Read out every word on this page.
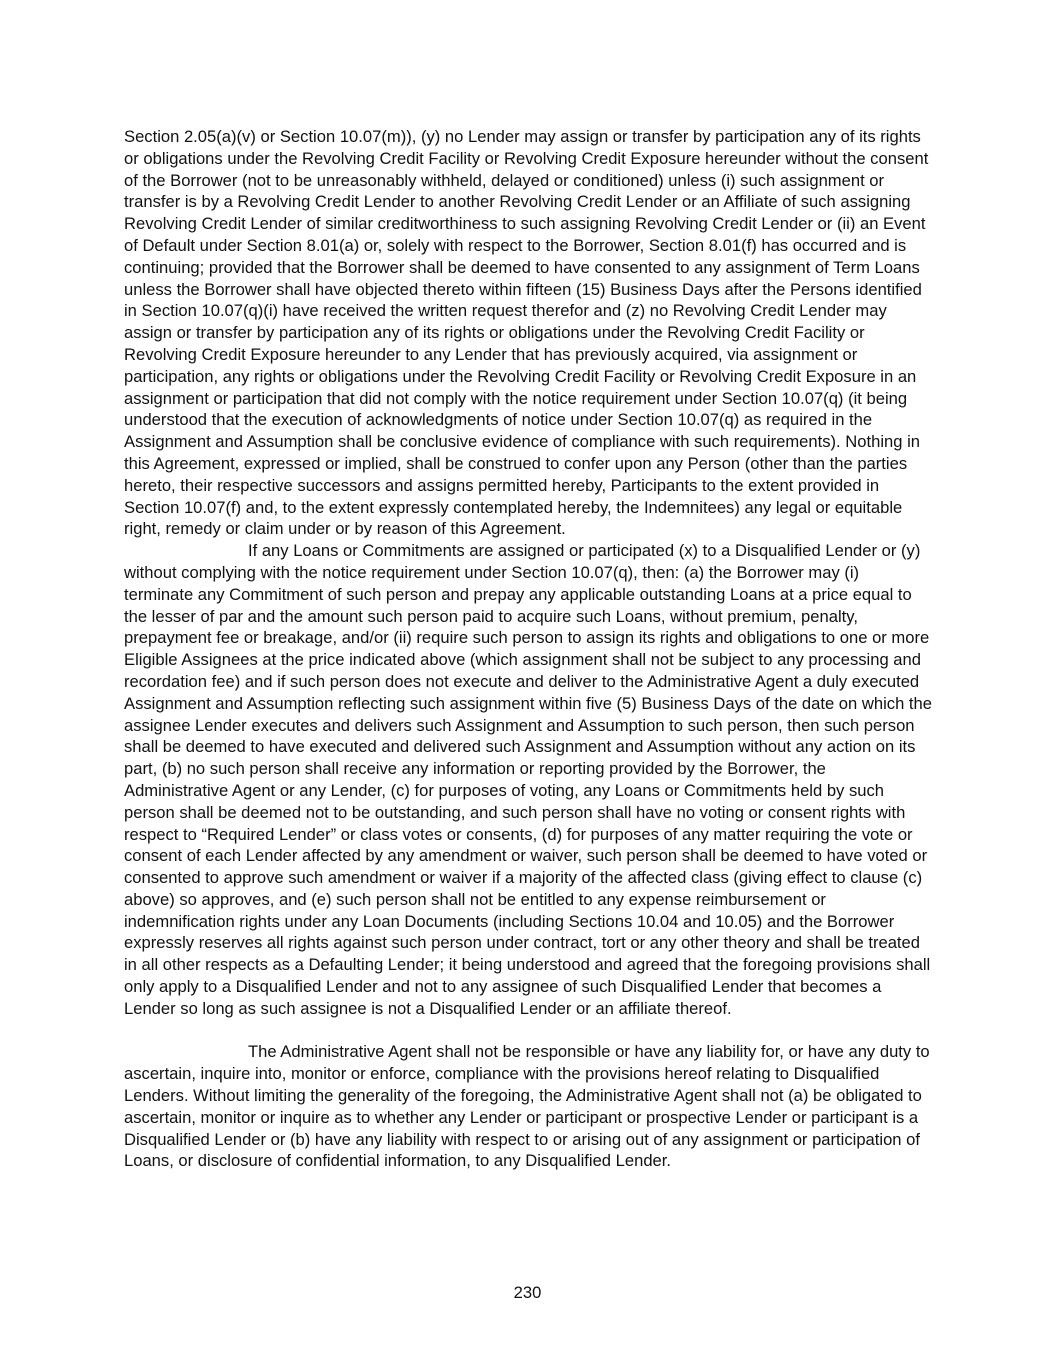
Section 2.05(a)(v) or Section 10.07(m)), (y) no Lender may assign or transfer by participation any of its rights or obligations under the Revolving Credit Facility or Revolving Credit Exposure hereunder without the consent of the Borrower (not to be unreasonably withheld, delayed or conditioned) unless (i) such assignment or transfer is by a Revolving Credit Lender to another Revolving Credit Lender or an Affiliate of such assigning Revolving Credit Lender of similar creditworthiness to such assigning Revolving Credit Lender or (ii) an Event of Default under Section 8.01(a) or, solely with respect to the Borrower, Section 8.01(f) has occurred and is continuing; provided that the Borrower shall be deemed to have consented to any assignment of Term Loans unless the Borrower shall have objected thereto within fifteen (15) Business Days after the Persons identified in Section 10.07(q)(i) have received the written request therefor and (z) no Revolving Credit Lender may assign or transfer by participation any of its rights or obligations under the Revolving Credit Facility or Revolving Credit Exposure hereunder to any Lender that has previously acquired, via assignment or participation, any rights or obligations under the Revolving Credit Facility or Revolving Credit Exposure in an assignment or participation that did not comply with the notice requirement under Section 10.07(q) (it being understood that the execution of acknowledgments of notice under Section 10.07(q) as required in the Assignment and Assumption shall be conclusive evidence of compliance with such requirements). Nothing in this Agreement, expressed or implied, shall be construed to confer upon any Person (other than the parties hereto, their respective successors and assigns permitted hereby, Participants to the extent provided in Section 10.07(f) and, to the extent expressly contemplated hereby, the Indemnitees) any legal or equitable right, remedy or claim under or by reason of this Agreement.

If any Loans or Commitments are assigned or participated (x) to a Disqualified Lender or (y) without complying with the notice requirement under Section 10.07(q), then: (a) the Borrower may (i) terminate any Commitment of such person and prepay any applicable outstanding Loans at a price equal to the lesser of par and the amount such person paid to acquire such Loans, without premium, penalty, prepayment fee or breakage, and/or (ii) require such person to assign its rights and obligations to one or more Eligible Assignees at the price indicated above (which assignment shall not be subject to any processing and recordation fee) and if such person does not execute and deliver to the Administrative Agent a duly executed Assignment and Assumption reflecting such assignment within five (5) Business Days of the date on which the assignee Lender executes and delivers such Assignment and Assumption to such person, then such person shall be deemed to have executed and delivered such Assignment and Assumption without any action on its part, (b) no such person shall receive any information or reporting provided by the Borrower, the Administrative Agent or any Lender, (c) for purposes of voting, any Loans or Commitments held by such person shall be deemed not to be outstanding, and such person shall have no voting or consent rights with respect to “Required Lender” or class votes or consents, (d) for purposes of any matter requiring the vote or consent of each Lender affected by any amendment or waiver, such person shall be deemed to have voted or consented to approve such amendment or waiver if a majority of the affected class (giving effect to clause (c) above) so approves, and (e) such person shall not be entitled to any expense reimbursement or indemnification rights under any Loan Documents (including Sections 10.04 and 10.05) and the Borrower expressly reserves all rights against such person under contract, tort or any other theory and shall be treated in all other respects as a Defaulting Lender; it being understood and agreed that the foregoing provisions shall only apply to a Disqualified Lender and not to any assignee of such Disqualified Lender that becomes a Lender so long as such assignee is not a Disqualified Lender or an affiliate thereof.

The Administrative Agent shall not be responsible or have any liability for, or have any duty to ascertain, inquire into, monitor or enforce, compliance with the provisions hereof relating to Disqualified Lenders. Without limiting the generality of the foregoing, the Administrative Agent shall not (a) be obligated to ascertain, monitor or inquire as to whether any Lender or participant or prospective Lender or participant is a Disqualified Lender or (b) have any liability with respect to or arising out of any assignment or participation of Loans, or disclosure of confidential information, to any Disqualified Lender.

230
